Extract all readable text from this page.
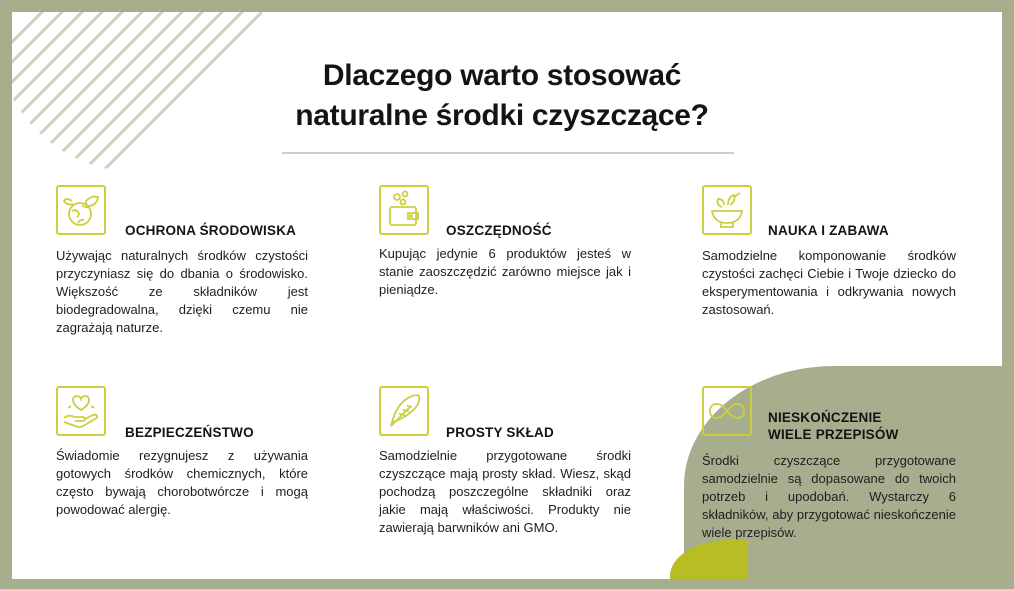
Dlaczego warto stosować
naturalne środki czyszczące?
OCHRONA ŚRODOWISKA

Używając naturalnych środków czystości przyczyniasz się do dbania o środowisko. Większość ze składników jest biodegradowalna, dzięki czemu nie zagrażają naturze.

OSZCZĘDNOŚĆ

Kupując jedynie 6 produktów jesteś w stanie zaoszczędzić zarówno miejsce jak i pieniądze.

NAUKA I ZABAWA

Samodzielne komponowanie środków czystości zachęci Ciebie i Twoje dziecko do eksperymentowania i odkrywania nowych zastosowań.

BEZPIECZEŃSTWO

Świadomie rezygnujesz z używania gotowych środków chemicznych, które często bywają chorobotwórcze i mogą powodować alergię.

PROSTY SKŁAD

Samodzielnie przygotowane środki czyszczące mają prosty skład. Wiesz, skąd pochodzą poszczególne składniki oraz jakie mają właściwości. Produkty nie zawierają barwników ani GMO.

NIESKOŃCZENIE
WIELE PRZEPISÓW

Środki czyszczące przygotowane samodzielnie są dopasowane do twoich potrzeb i upodobań. Wystarczy 6 składników, aby przygotować nieskończenie wiele przepisów.
